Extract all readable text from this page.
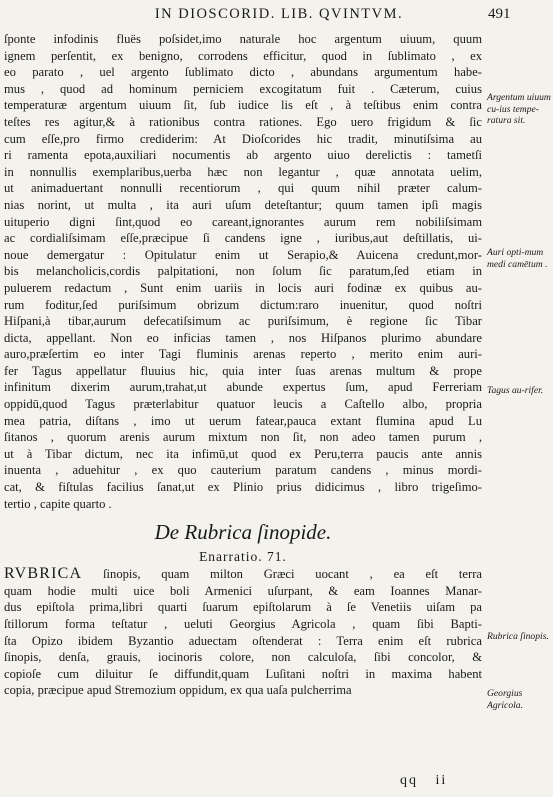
IN DIOSCORID. LIB. QVINTVM.	491
ſponte infodinis fluës poſsidet,imo naturale hoc argentum uiuum, quum
ignem perſentit, ex benigno, corrodens efficitur, quod in ſublimato , ex
eo parato , uel argento ſublimato dicto , abundans argumentum habe-
mus , quod ad hominum perniciem excogitatum fuit . Cæterum, cuius
temperaturæ argentum uiuum ſit, ſub iudice lis eſt , à teſtibus enim contra
teſtes res agitur,& à rationibus contra rationes. Ego uero frigidum & ſic
cum eſſe,pro firmo crediderim: At Dioſcorides hic tradit, minutiſsima au
ri ramenta epota,auxiliari nocumentis ab argento uiuo derelictis : tametſi
in nonnullis exemplaribus,uerba hæc non legantur , quæ annotata uelim,
ut animaduertant nonnulli recentiorum , qui quum nihil præter calum-
nias norint, ut multa , ita auri uſum deteſtantur; quum tamen ipſi magis
uituperio digni ſint,quod eo careant,ignorantes aurum rem nobiliſsimam
ac cordialiſsimam eſſe,præcipue ſi candens igne , iuribus,aut deſtillatis, ui-
noue demergatur : Opitulatur enim ut Serapio,& Auicena credunt,mor-
bis melancholicis,cordis palpitationi, non ſolum ſic paratum,ſed etiam in
puluerem redactum , Sunt enim uariis in locis auri fodinæ ex quibus au-
rum foditur,ſed puriſsimum obrizum dictum:raro inuenitur, quod noſtri
Hiſpani,à tibar,aurum defecatiſsimum ac puriſsimum, è regione ſic Tibar
dicta, appellant. Non eo inficias tamen , nos Hiſpanos plurimo abundare
auro,præſertim eo inter Tagi fluminis arenas reperto , merito enim auri-
fer Tagus appellatur fluuius hic, quia inter ſuas arenas multum & prope
infinitum dixerim aurum,trahat,ut abunde expertus ſum, apud Ferreriam
oppidū,quod Tagus præterlabitur quatuor leucis a Caſtello albo, propria
mea patria, diſtans , imo ut uerum fatear,pauca extant flumina apud Lu
ſitanos , quorum arenis aurum mixtum non ſit, non adeo tamen purum ,
ut à Tibar dictum, nec ita infimū,ut quod ex Peru,terra paucis ante annis
inuenta , aduehitur , ex quo cauterium paratum candens , minus mordi-
cat, & fiſtulas facilius ſanat,ut ex Plinio prius didicimus , libro trigeſimo-
tertio , capite quarto .
De Rubrica ſinopide.
Enarratio. 71.
RVBRICA ſinopis, quam milton Græci uocant , ea eſt terra
quam hodie multi uice boli Armenici uſurpant, & eam Ioannes Manar-
dus epiſtola prima,libri quarti ſuarum epiſtolarum à ſe Venetiis uiſam pa
ſtillorum forma teſtatur , ueluti Georgius Agricola , quam ſibi Bapti-
ſta Opizo ibidem Byzantio aduectam oſtenderat : Terra enim eſt rubrica
ſinopis, denſa, grauis, iocinoris colore, non calculoſa, ſibi concolor, &
copioſe cum diluitur ſe diffundit,quam Luſitani noſtri in maxima habent
copia, præcipue apud Stremozium oppidum, ex qua uaſa pulcherrima
Argentum uiuum cu-ius tempe-ratura sit.
Auri opti-mum medi camētum .
Tagus au-rifer.
Rubrica ſinopis.
Georgius Agricola.
qq ii
